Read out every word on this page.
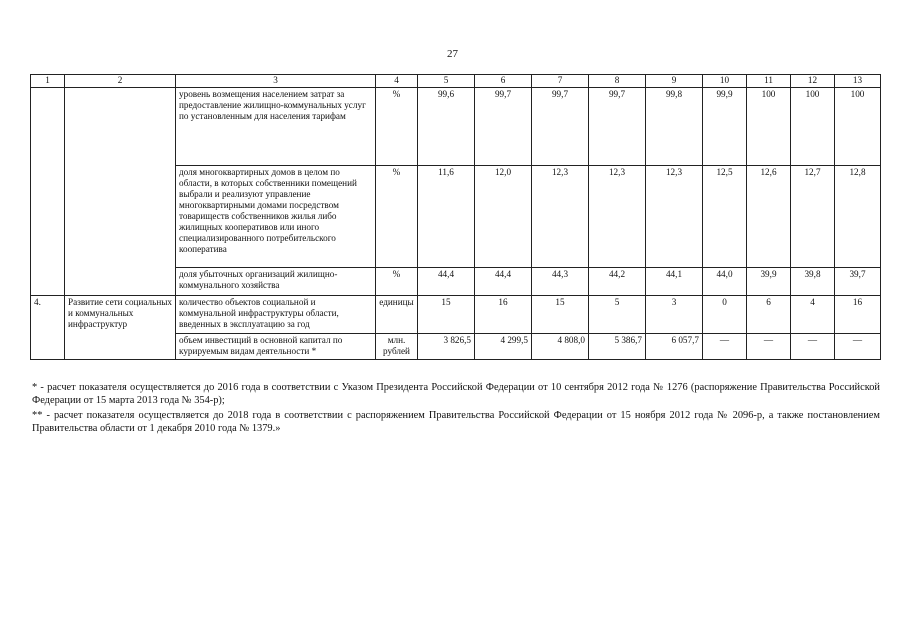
27
1	2	3	4	5	6	7	8	9	10	11	12	13
		уровень возмещения населением затрат за предоставление жилищно-коммунальных услуг по установленным для населения тарифам	%	99,6	99,7	99,7	99,7	99,8	99,9	100	100	100
		доля многоквартирных домов в целом по области, в которых собственники помещений выбрали и реализуют управление многоквартирными домами посредством товариществ собственников жилья либо жилищных кооперативов или иного специализированного потребительского кооператива	%	11,6	12,0	12,3	12,3	12,3	12,5	12,6	12,7	12,8
		доля убыточных организаций жилищно-коммунального хозяйства	%	44,4	44,4	44,3	44,2	44,1	44,0	39,9	39,8	39,7
4.	Развитие сети социальных и коммунальных инфраструктур	количество объектов социальной и коммунальной инфраструктуры области, введенных в эксплуатацию за год	единицы	15	16	15	5	3	0	6	4	16
		объем инвестиций в основной капитал по курируемым видам деятельности *	млн. рублей	3 826,5	4 299,5	4 808,0	5 386,7	6 057,7	—	—	—	—

* - расчет показателя осуществляется до 2016 года в соответствии с Указом Президента Российской Федерации от 10 сентября 2012 года № 1276 (распоряжение Правительства Российской Федерации от 15 марта 2013 года № 354-р);

** - расчет показателя осуществляется до 2018 года в соответствии с распоряжением Правительства Российской Федерации от 15 ноября 2012 года № 2096-р, а также постановлением Правительства области от 1 декабря 2010 года № 1379.»
